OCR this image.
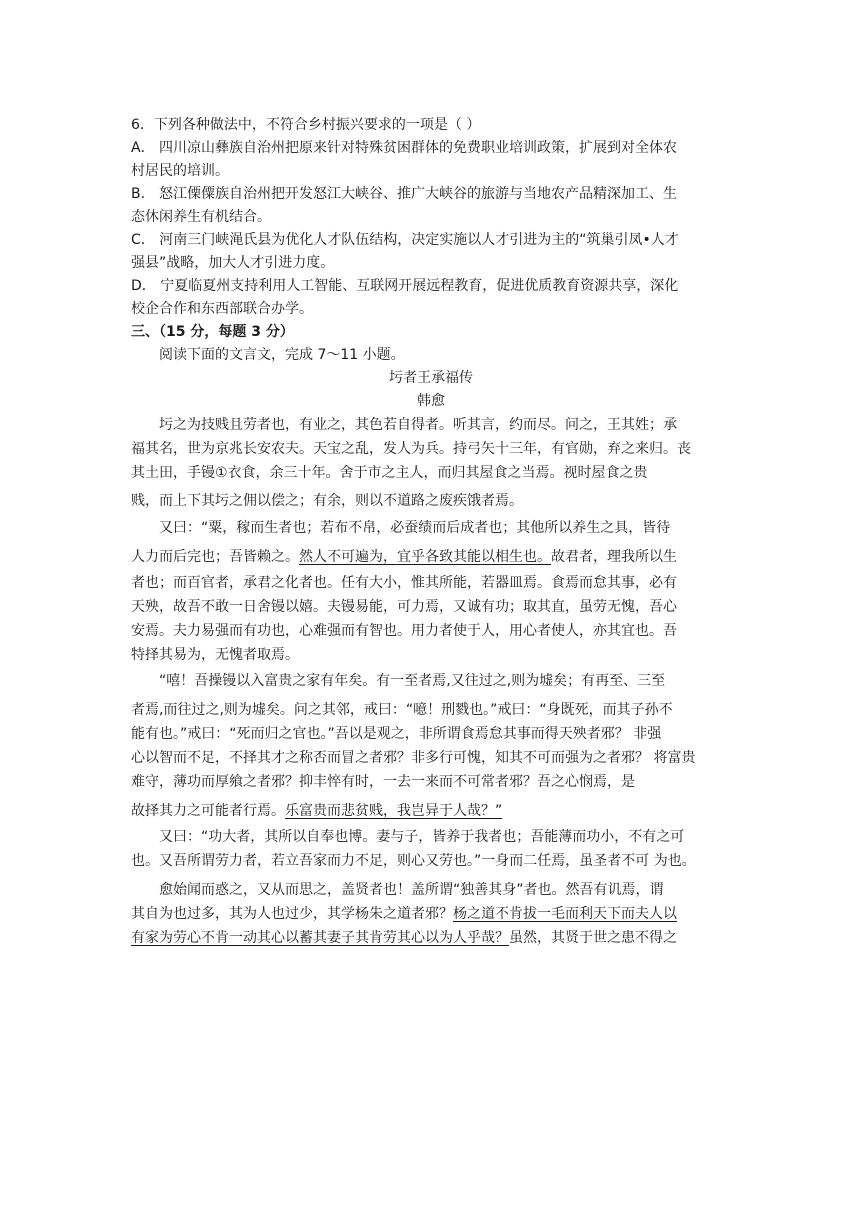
6．下列各种做法中，不符合乡村振兴要求的一项是（ ）
A． 四川凉山彝族自治州把原来针对特殊贫困群体的免费职业培训政策，扩展到对全体农
村居民的培训。
B． 怒江傈僳族自治州把开发怒江大峡谷、推广大峡谷的旅游与当地农产品精深加工、生
态休闲养生有机结合。
C． 河南三门峡渑氏县为优化人才队伍结构，决定实施以人才引进为主的“筑巢引凤•人才
强县”战略，加大人才引进力度。
D． 宁夏临夏州支持利用人工智能、互联网开展远程教育，促进优质教育资源共享，深化
校企合作和东西部联合办学。
三、（15 分，每题 3 分）
阅读下面的文言文，完成 7～11 小题。
圬者王承福传
韩愈
圬之为技贱且劳者也，有业之，其色若自得者。听其言，约而尽。问之，王其姓；承
福其名，世为京兆长安农夫。天宝之乱，发人为兵。持弓矢十三年，有官勋，弃之来归。丧
其土田，手镘①衣食，余三十年。舍于市之主人，而归其屋食之当焉。视时屋食之贵
贱，而上下其圬之佣以偿之；有余，则以不道路之废疾饿者焉。
又曰：“粟，稼而生者也；若布不帛，必蚕绩而后成者也；其他所以养生之具，皆待
人力而后完也；吾皆赖之。然人不可遍为，宜乎各致其能以相生也。故君者，理我所以生
者也；而百官者，承君之化者也。任有大小，惟其所能，若器皿焉。食焉而怠其事，必有
天殃，故吾不敢一日舍镘以嬉。夫镘易能，可力焉，又诚有功；取其直，虽劳无愧，吾心
安焉。夫力易强而有功也，心难强而有智也。用力者使于人，用心者使人，亦其宜也。吾
特择其易为，无愧者取焉。
“嘻！吾操镘以入富贵之家有年矣。有一至者焉,又往过之,则为墟矣；有再至、三至
者焉,而往过之,则为墟矣。问之其邻，戒曰：“噫！刑戮也。”戒曰：“身既死，而其子孙不
能有也。”戒曰：“死而归之官也。”吾以是观之，非所谓食焉怠其事而得天殃者邪？ 非强
心以智而不足，不择其才之称否而冒之者邪？非多行可愧，知其不可而强为之者邪？ 将富贵
难守，薄功而厚飨之者邪？抑丰悴有时，一去一来而不可常者邪？吾之心悯焉，是
故择其力之可能者行焉。乐富贵而悲贫贱，我岂异于人哉？”
又曰：“功大者，其所以自奉也博。妻与子，皆养于我者也；吾能薄而功小，不有之可
也。又吾所谓劳力者，若立吾家而力不足，则心又劳也。”一身而二任焉，虽圣者不可 为也。
愈始闻而惑之，又从而思之，盖贤者也！盖所谓“独善其身”者也。然吾有讥焉，谓
其自为也过多，其为人也过少，其学杨朱之道者邪？杨之道不肯拔一毛而利天下而夫人以
有家为劳心不肯一动其心以蓄其妻子其肯劳其心以为人乎哉？虽然，其贤于世之患不得之
